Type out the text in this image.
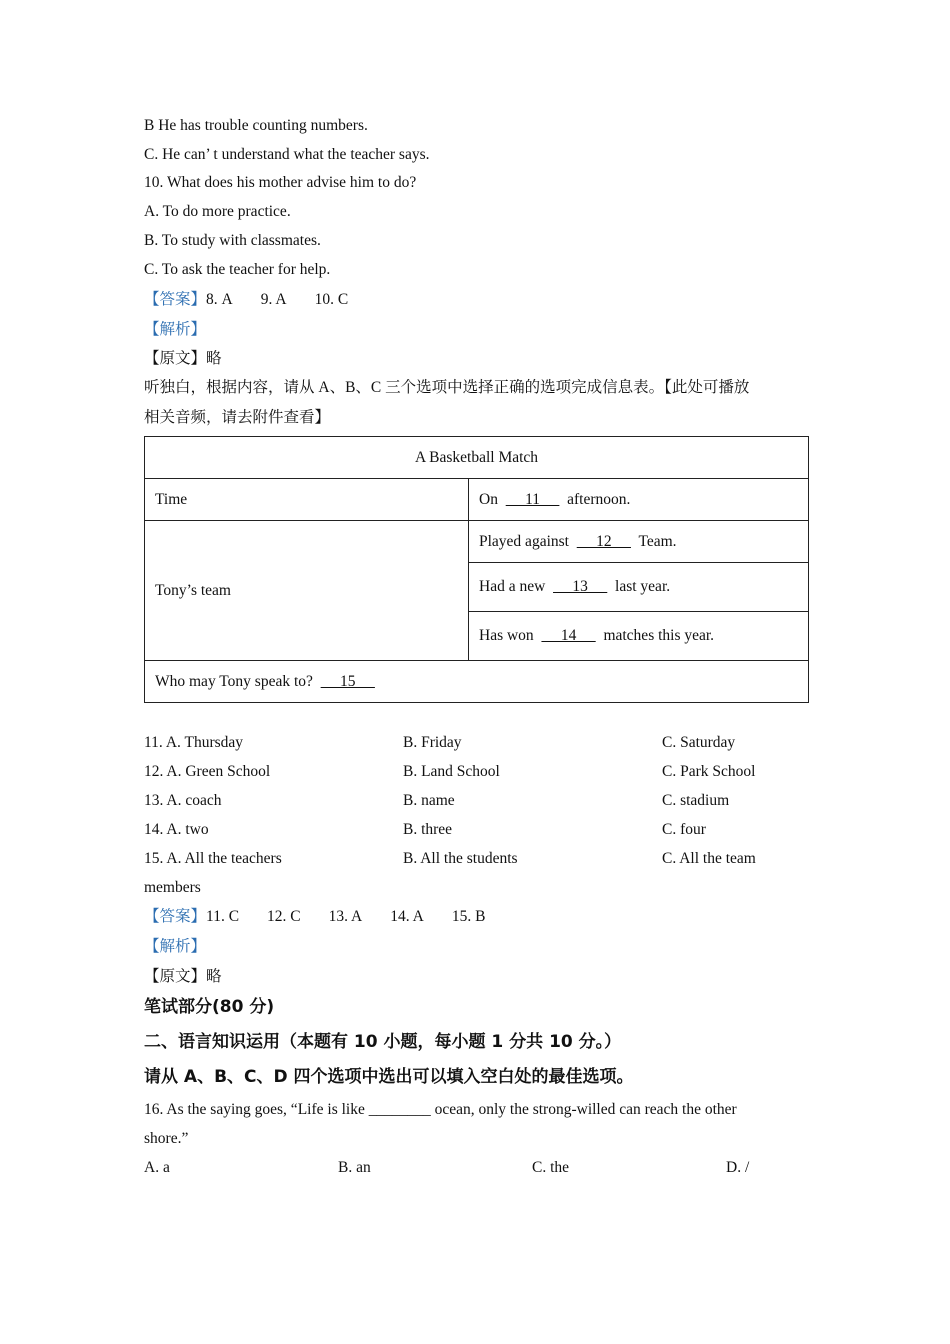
B He has trouble counting numbers.
C. He can’ t understand what the teacher says.
10. What does his mother advise him to do?
A. To do more practice.
B. To study with classmates.
C. To ask the teacher for help.
【答案】8. A 9. A 10. C
【解析】
【原文】略
听独白，根据内容，请从 A、B、C 三个选项中选择正确的选项完成信息表。【此处可播放
相关音频，请去附件查看】
A Basketball Match	
Time	On       11       afternoon.
Tony’s team	Played against       12       Team.
	Had a new       13       last year.
	Has won       14       matches this year.
Who may Tony speak to?       15	
11. A. Thursday	B. Friday	C. Saturday
12. A. Green School	B. Land School	C. Park School
13. A. coach	B. name	C. stadium
14. A. two	B. three	C. four
15. A. All the teachers	B. All the students	C. All the team
members
【答案】11. C 12. C 13. A 14. A 15. B
【解析】
【原文】略
笔试部分(80 分)
二、语言知识运用（本题有 10 小题，每小题 1 分共 10 分。）
请从 A、B、C、D 四个选项中选出可以填入空白处的最佳选项。
16. As the saying goes, “Life is like ________ ocean, only the strong-willed can reach the other
shore.”
A. a	B. an	C. the	D. /
